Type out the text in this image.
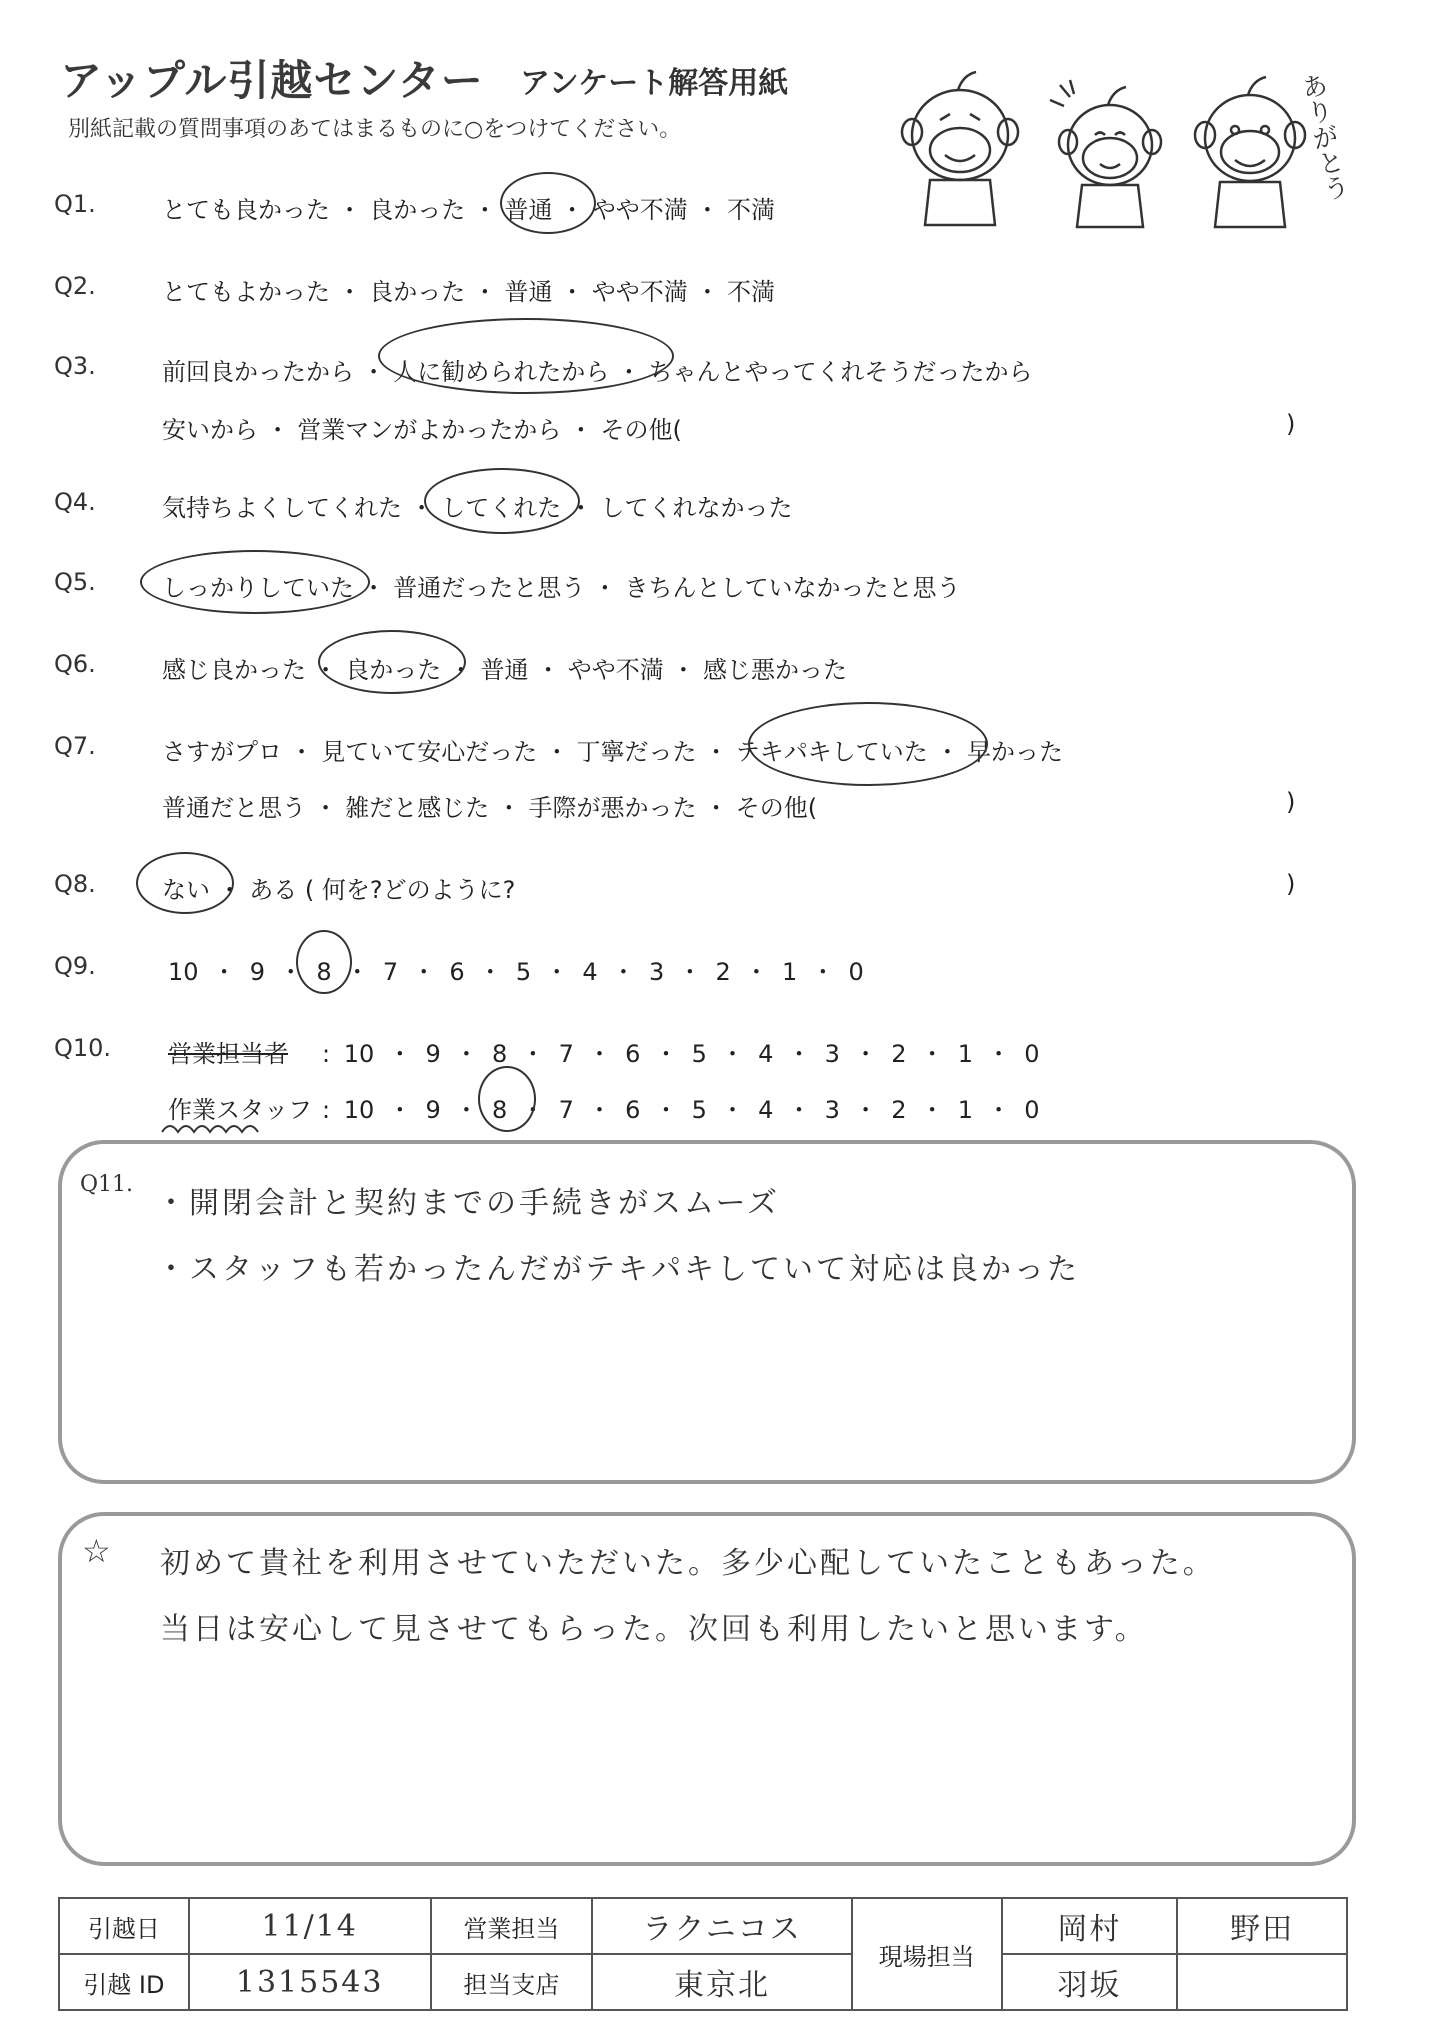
アップル引越センター アンケート解答用紙
別紙記載の質問事項のあてはまるものに○をつけてください。	ありがとう
Q1.	とても良かった ・ 良かった ・ 普通 ・ やや不満 ・ 不満
Q2.	とてもよかった ・ 良かった ・ 普通 ・ やや不満 ・ 不満
Q3.	前回良かったから ・ 人に勧められたから ・ ちゃんとやってくれそうだったから
安いから ・ 営業マンがよかったから ・ その他(	)
Q4.	気持ちよくしてくれた ・ してくれた ・ してくれなかった
Q5.	しっかりしていた ・ 普通だったと思う ・ きちんとしていなかったと思う
Q6.	感じ良かった ・ 良かった ・ 普通 ・ やや不満 ・ 感じ悪かった
Q7.	さすがプロ ・ 見ていて安心だった ・ 丁寧だった ・ テキパキしていた ・ 早かった
普通だと思う ・ 雑だと感じた ・ 手際が悪かった ・ その他(	)
Q8.	ない ・ ある ( 何を?どのように?	)
Q9.	10 ・ 9 ・ 8 ・ 7 ・ 6 ・ 5 ・ 4 ・ 3 ・ 2 ・ 1 ・ 0
Q10. 営業担当者 : 10 ・ 9 ・ 8 ・ 7 ・ 6 ・ 5 ・ 4 ・ 3 ・ 2 ・ 1 ・ 0
作業スタッフ : 10 ・ 9 ・ 8 ・ 7 ・ 6 ・ 5 ・ 4 ・ 3 ・ 2 ・ 1 ・ 0
Q11.
・開閉会計と契約までの手続きがスムーズ
・スタッフも若かったんだがテキパキしていて対応は良かった
☆ 初めて貴社を利用させていただいた。多少心配していたこともあった。
当日は安心して見させてもらった。次回も利用したいと思います。
引越日	11/14	営業担当	ラクニコス	現場担当	岡村	野田
引越 ID	1315543	担当支店	東京北		羽坂	
